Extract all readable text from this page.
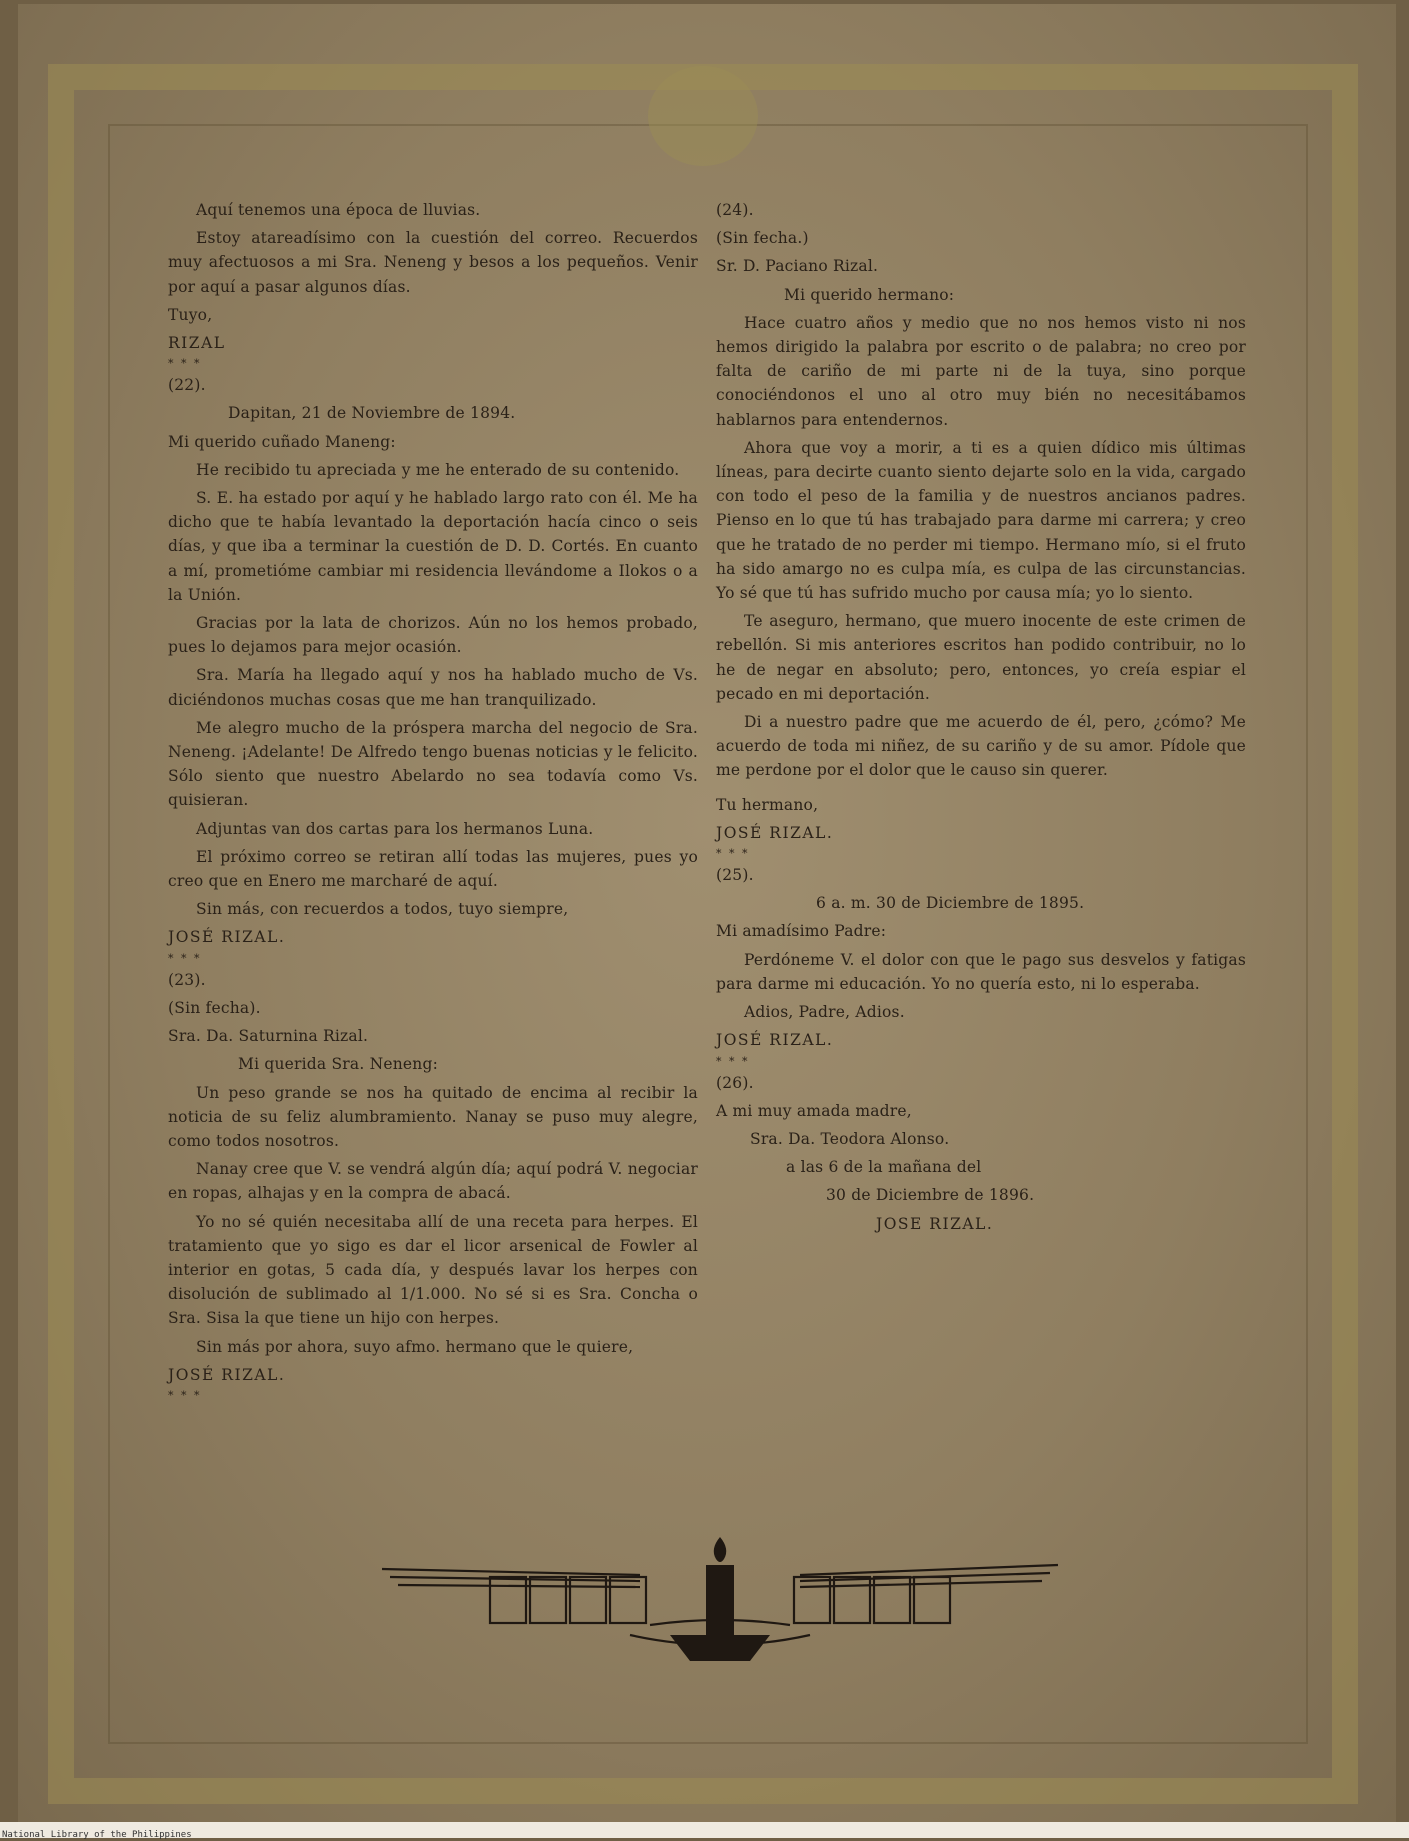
Aquí tenemos una época de lluvias.

Estoy atareadísimo con la cuestión del correo. Recuerdos muy afectuosos a mi Sra. Neneng y besos a los pequeños. Venir por aquí a pasar algunos días.

Tuyo,

RIZAL

* * *

(22).

Dapitan, 21 de Noviembre de 1894.

Mi querido cuñado Maneng:

He recibido tu apreciada y me he enterado de su contenido.

S. E. ha estado por aquí y he hablado largo rato con él. Me ha dicho que te había levantado la deportación hacía cinco o seis días, y que iba a terminar la cuestión de D. D. Cortés. En cuanto a mí, prometióme cambiar mi residencia llevándome a Ilokos o a la Unión.

Gracias por la lata de chorizos. Aún no los hemos probado, pues lo dejamos para mejor ocasión.

Sra. María ha llegado aquí y nos ha hablado mucho de Vs. diciéndonos muchas cosas que me han tranquilizado.

Me alegro mucho de la próspera marcha del negocio de Sra. Neneng. ¡Adelante! De Alfredo tengo buenas noticias y le felicito. Sólo siento que nuestro Abelardo no sea todavía como Vs. quisieran.

Adjuntas van dos cartas para los hermanos Luna.

El próximo correo se retiran allí todas las mujeres, pues yo creo que en Enero me marcharé de aquí.

Sin más, con recuerdos a todos, tuyo siempre,

JOSÉ RIZAL.

* * *

(23).

(Sin fecha).

Sra. Da. Saturnina Rizal.

Mi querida Sra. Neneng:

Un peso grande se nos ha quitado de encima al recibir la noticia de su feliz alumbramiento. Nanay se puso muy alegre, como todos nosotros.

Nanay cree que V. se vendrá algún día; aquí podrá V. negociar en ropas, alhajas y en la compra de abacá.

Yo no sé quién necesitaba allí de una receta para herpes. El tratamiento que yo sigo es dar el licor arsenical de Fowler al interior en gotas, 5 cada día, y después lavar los herpes con disolución de sublimado al 1/1.000. No sé si es Sra. Concha o Sra. Sisa la que tiene un hijo con herpes.

Sin más por ahora, suyo afmo. hermano que le quiere,

JOSÉ RIZAL.

* * *

(24).

(Sin fecha.)

Sr. D. Paciano Rizal.

Mi querido hermano:

Hace cuatro años y medio que no nos hemos visto ni nos hemos dirigido la palabra por escrito o de palabra; no creo por falta de cariño de mi parte ni de la tuya, sino porque conociéndonos el uno al otro muy bién no necesitábamos hablarnos para entendernos.

Ahora que voy a morir, a ti es a quien dídico mis últimas líneas, para decirte cuanto siento dejarte solo en la vida, cargado con todo el peso de la familia y de nuestros ancianos padres. Pienso en lo que tú has trabajado para darme mi carrera; y creo que he tratado de no perder mi tiempo. Hermano mío, si el fruto ha sido amargo no es culpa mía, es culpa de las circunstancias. Yo sé que tú has sufrido mucho por causa mía; yo lo siento.

Te aseguro, hermano, que muero inocente de este crimen de rebellón. Si mis anteriores escritos han podido contribuir, no lo he de negar en absoluto; pero, entonces, yo creía espiar el pecado en mi deportación.

Di a nuestro padre que me acuerdo de él, pero, ¿cómo? Me acuerdo de toda mi niñez, de su cariño y de su amor. Pídole que me perdone por el dolor que le causo sin querer.

Tu hermano,

JOSÉ RIZAL.

* * *

(25).

6 a. m. 30 de Diciembre de 1895.

Mi amadísimo Padre:

Perdóneme V. el dolor con que le pago sus desvelos y fatigas para darme mi educación. Yo no quería esto, ni lo esperaba.

Adios, Padre, Adios.

JOSÉ RIZAL.

* * *

(26).

A mi muy amada madre,

Sra. Da. Teodora Alonso.

a las 6 de la mañana del

30 de Diciembre de 1896.

JOSE RIZAL.

National Library of the Philippines
